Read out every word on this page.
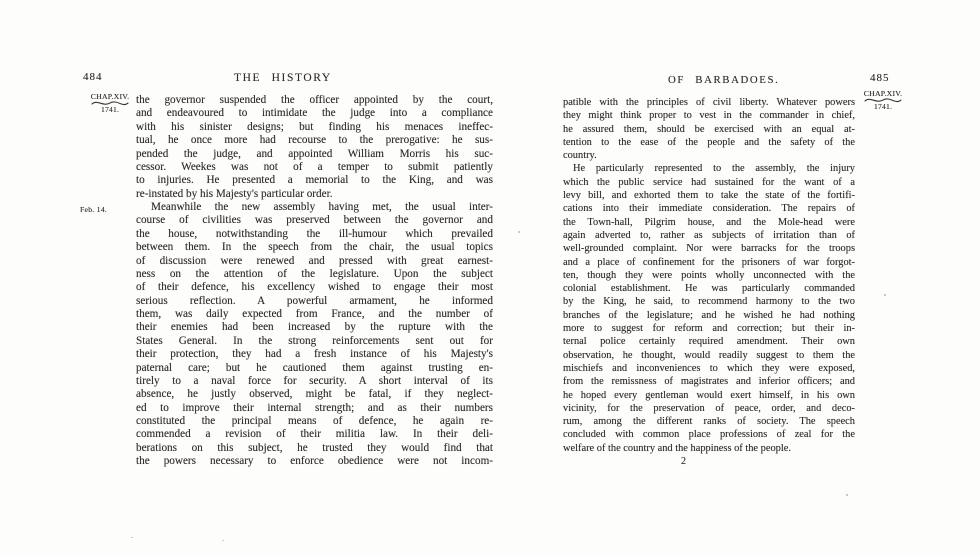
484	THE HISTORY
CHAP.XIV.
1741.
Feb. 14.
the governor suspended the officer appointed by the court,
and endeavoured to intimidate the judge into a compliance
with his sinister designs; but finding his menaces ineffec-
tual, he once more had recourse to the prerogative: he sus-
pended the judge, and appointed William Morris his suc-
cessor. Weekes was not of a temper to submit patiently
to injuries. He presented a memorial to the King, and was
re-instated by his Majesty's particular order.
Meanwhile the new assembly having met, the usual inter-
course of civilities was preserved between the governor and
the house, notwithstanding the ill-humour which prevailed
between them. In the speech from the chair, the usual topics
of discussion were renewed and pressed with great earnest-
ness on the attention of the legislature. Upon the subject
of their defence, his excellency wished to engage their most
serious reflection. A powerful armament, he informed
them, was daily expected from France, and the number of
their enemies had been increased by the rupture with the
States General. In the strong reinforcements sent out for
their protection, they had a fresh instance of his Majesty's
paternal care; but he cautioned them against trusting en-
tirely to a naval force for security. A short interval of its
absence, he justly observed, might be fatal, if they neglect-
ed to improve their internal strength; and as their numbers
constituted the principal means of defence, he again re-
commended a revision of their militia law. In their deli-
berations on this subject, he trusted they would find that
the powers necessary to enforce obedience were not incom-
OF BARBADOES.	485
CHAP.XIV.
1741.
patible with the principles of civil liberty. Whatever powers
they might think proper to vest in the commander in chief,
he assured them, should be exercised with an equal at-
tention to the ease of the people and the safety of the
country.
He particularly represented to the assembly, the injury
which the public service had sustained for the want of a
levy bill, and exhorted them to take the state of the fortifi-
cations into their immediate consideration. The repairs of
the Town-hall, Pilgrim house, and the Mole-head were
again adverted to, rather as subjects of irritation than of
well-grounded complaint. Nor were barracks for the troops
and a place of confinement for the prisoners of war forgot-
ten, though they were points wholly unconnected with the
colonial establishment. He was particularly commanded
by the King, he said, to recommend harmony to the two
branches of the legislature; and he wished he had nothing
more to suggest for reform and correction; but their in-
ternal police certainly required amendment. Their own
observation, he thought, would readily suggest to them the
mischiefs and inconveniences to which they were exposed,
from the remissness of magistrates and inferior officers; and
he hoped every gentleman would exert himself, in his own
vicinity, for the preservation of peace, order, and deco-
rum, among the different ranks of society. The speech
concluded with common place professions of zeal for the
welfare of the country and the happiness of the people.
2
